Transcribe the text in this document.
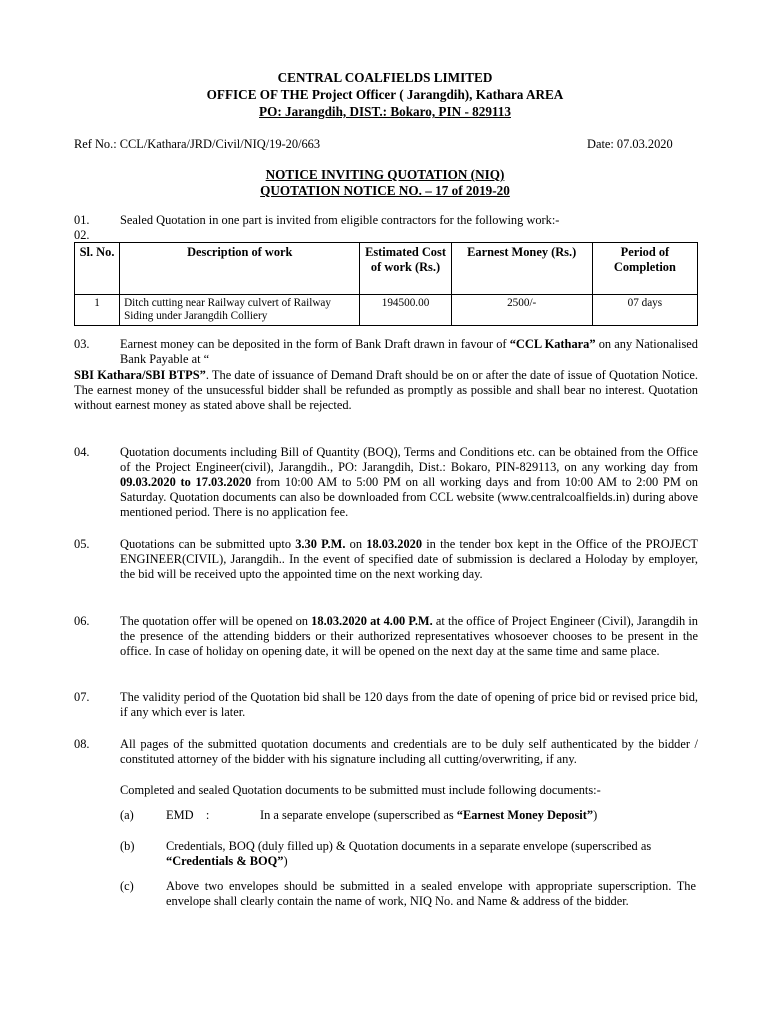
CENTRAL COALFIELDS LIMITED
OFFICE OF THE Project Officer ( Jarangdih), Kathara AREA
PO: Jarangdih, DIST.: Bokaro, PIN - 829113
Ref No.: CCL/Kathara/JRD/Civil/NIQ/19-20/663	Date: 07.03.2020
NOTICE INVITING QUOTATION (NIQ)
QUOTATION NOTICE NO. – 17 of 2019-20
01. Sealed Quotation in one part is invited from eligible contractors for the following work:-
02.
Sl. No.	Description of work	Estimated Cost of work (Rs.)	Earnest Money (Rs.)	Period of Completion
1	Ditch cutting near Railway culvert of Railway Siding under Jarangdih Colliery	194500.00	2500/-	07 days
03. Earnest money can be deposited in the form of Bank Draft drawn in favour of “CCL Kathara” on any Nationalised Bank Payable at “
SBI Kathara/SBI BTPS”. The date of issuance of Demand Draft should be on or after the date of issue of Quotation Notice. The earnest money of the unsucessful bidder shall be refunded as promptly as possible and shall bear no interest. Quotation without earnest money as stated above shall be rejected.
04. Quotation documents including Bill of Quantity (BOQ), Terms and Conditions etc. can be obtained from the Office of the Project Engineer(civil), Jarangdih., PO: Jarangdih, Dist.: Bokaro, PIN-829113, on any working day from 09.03.2020 to 17.03.2020 from 10:00 AM to 5:00 PM on all working days and from 10:00 AM to 2:00 PM on Saturday. Quotation documents can also be downloaded from CCL website (www.centralcoalfields.in) during above mentioned period. There is no application fee.
05. Quotations can be submitted upto 3.30 P.M. on 18.03.2020 in the tender box kept in the Office of the PROJECT ENGINEER(CIVIL), Jarangdih.. In the event of specified date of submission is declared a Holoday by employer, the bid will be received upto the appointed time on the next working day.
06. The quotation offer will be opened on 18.03.2020 at 4.00 P.M. at the office of Project Engineer (Civil), Jarangdih in the presence of the attending bidders or their authorized representatives whosoever chooses to be present in the office. In case of holiday on opening date, it will be opened on the next day at the same time and same place.
07. The validity period of the Quotation bid shall be 120 days from the date of opening of price bid or revised price bid, if any which ever is later.
08. All pages of the submitted quotation documents and credentials are to be duly self authenticated by the bidder / constituted attorney of the bidder with his signature including all cutting/overwriting, if any.
Completed and sealed Quotation documents to be submitted must include following documents:-
(a)	EMD    :	In a separate envelope (superscribed as “Earnest Money Deposit”)
(b)	Credentials, BOQ (duly filled up) & Quotation documents in a separate envelope (superscribed as “Credentials & BOQ”)
(c)	Above two envelopes should be submitted in a sealed envelope with appropriate superscription. The envelope shall clearly contain the name of work, NIQ No. and Name & address of the bidder.
